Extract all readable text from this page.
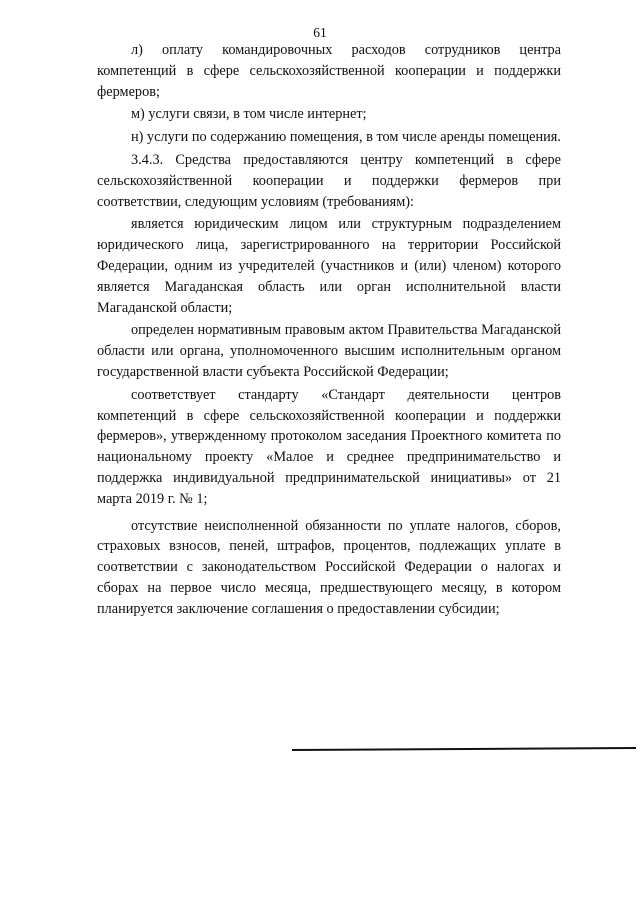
61

л) оплату командировочных расходов сотрудников центра компетенций в сфере сельскохозяйственной кооперации и поддержки фермеров;

м) услуги связи, в том числе интернет;

н) услуги по содержанию помещения, в том числе аренды помещения.

3.4.3. Средства предоставляются центру компетенций в сфере сельскохозяйственной кооперации и поддержки фермеров при соответствии, следующим условиям (требованиям):

является юридическим лицом или структурным подразделением юридического лица, зарегистрированного на территории Российской Федерации, одним из учредителей (участников и (или) членом) которого является Магаданская область или орган исполнительной власти Магаданской области;

определен нормативным правовым актом Правительства Магаданской области или органа, уполномоченного высшим исполнительным органом государственной власти субъекта Российской Федерации;

соответствует стандарту «Стандарт деятельности центров компетенций в сфере сельскохозяйственной кооперации и поддержки фермеров», утвержденному протоколом заседания Проектного комитета по национальному проекту «Малое и среднее предпринимательство и поддержка индивидуальной предпринимательской инициативы» от 21 марта 2019 г. № 1;

отсутствие неисполненной обязанности по уплате налогов, сборов, страховых взносов, пеней, штрафов, процентов, подлежащих уплате в соответствии с законодательством Российской Федерации о налогах и сборах на первое число месяца, предшествующего месяцу, в котором планируется заключение соглашения о предоставлении субсидии;
